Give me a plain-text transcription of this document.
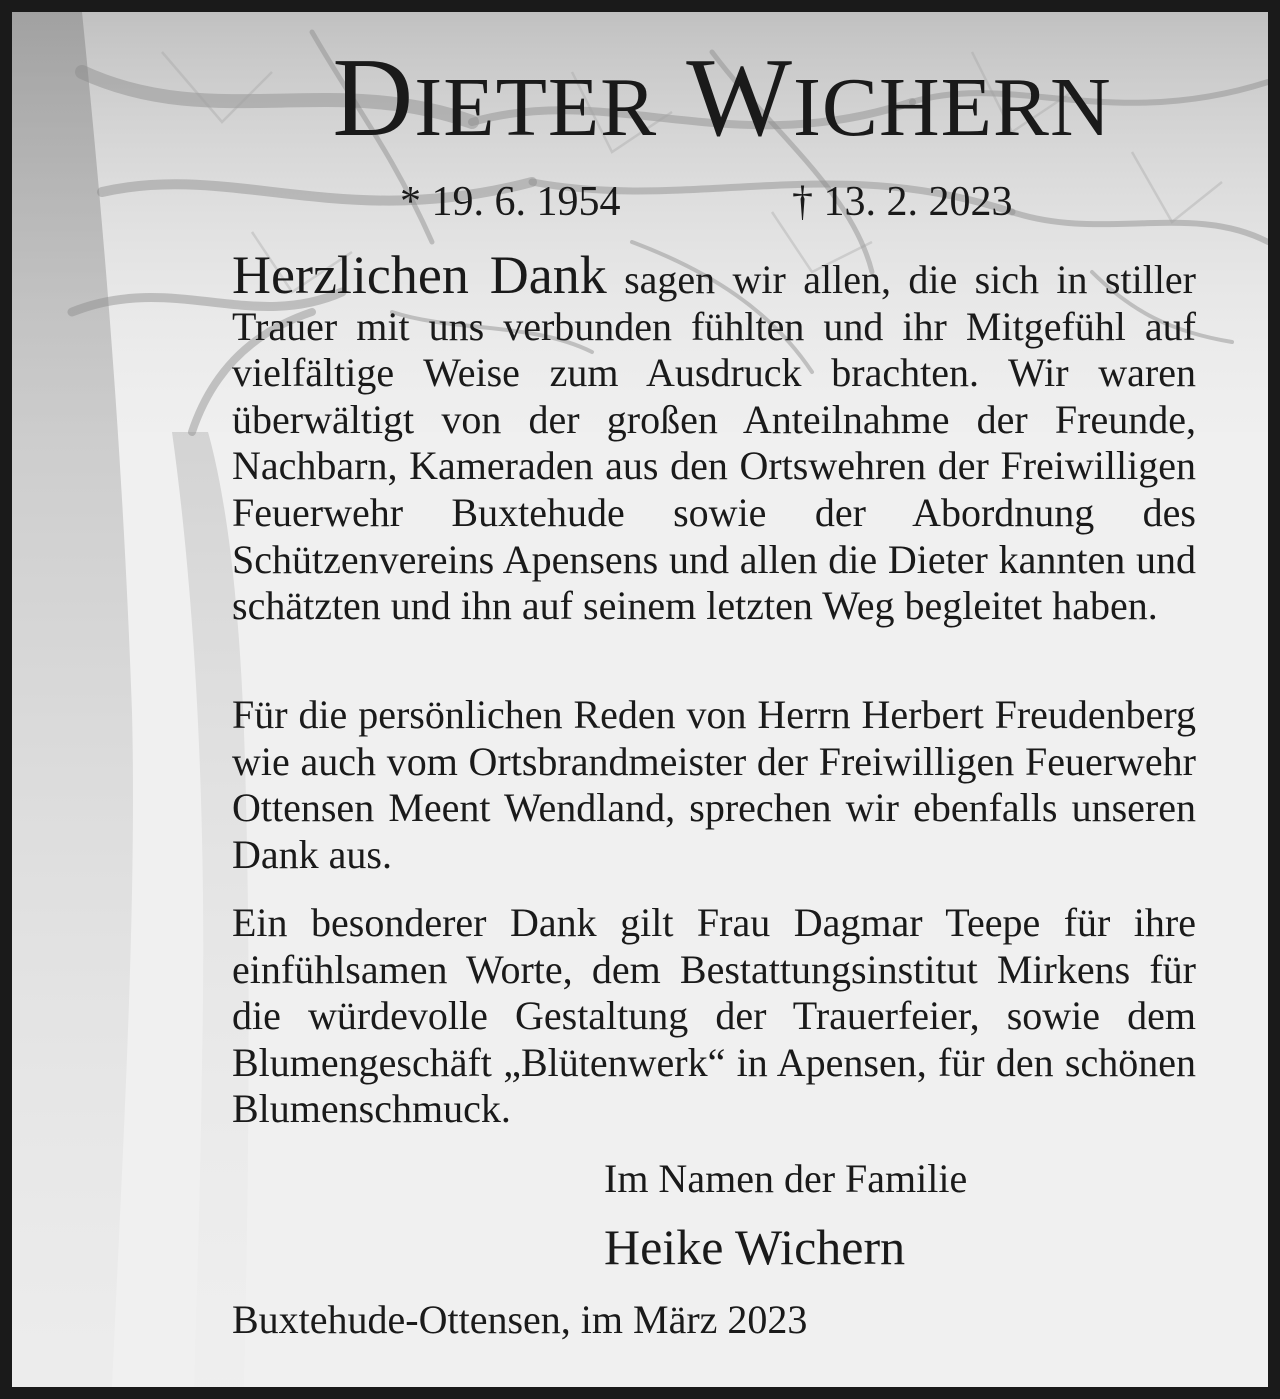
DIETER WICHERN
* 19. 6. 1954	† 13. 2. 2023
Herzlichen Dank sagen wir allen, die sich in stiller Trauer mit uns verbunden fühlten und ihr Mitgefühl auf vielfältige Weise zum Ausdruck brachten. Wir waren überwältigt von der großen Anteilnahme der Freunde, Nachbarn, Kameraden aus den Ortswehren der Freiwilligen Feuerwehr Buxtehude sowie der Abordnung des Schützenvereins Apensens und allen die Dieter kannten und schätzten und ihn auf seinem letzten Weg begleitet haben.
Für die persönlichen Reden von Herrn Herbert Freudenberg wie auch vom Ortsbrandmeister der Freiwilligen Feuerwehr Ottensen Meent Wendland, sprechen wir ebenfalls unseren Dank aus.
Ein besonderer Dank gilt Frau Dagmar Teepe für ihre einfühlsamen Worte, dem Bestattungsinstitut Mirkens für die würdevolle Gestaltung der Trauerfeier, sowie dem Blumengeschäft „Blütenwerk“ in Apensen, für den schönen Blumenschmuck.
Im Namen der Familie
Heike Wichern
Buxtehude-Ottensen, im März 2023
